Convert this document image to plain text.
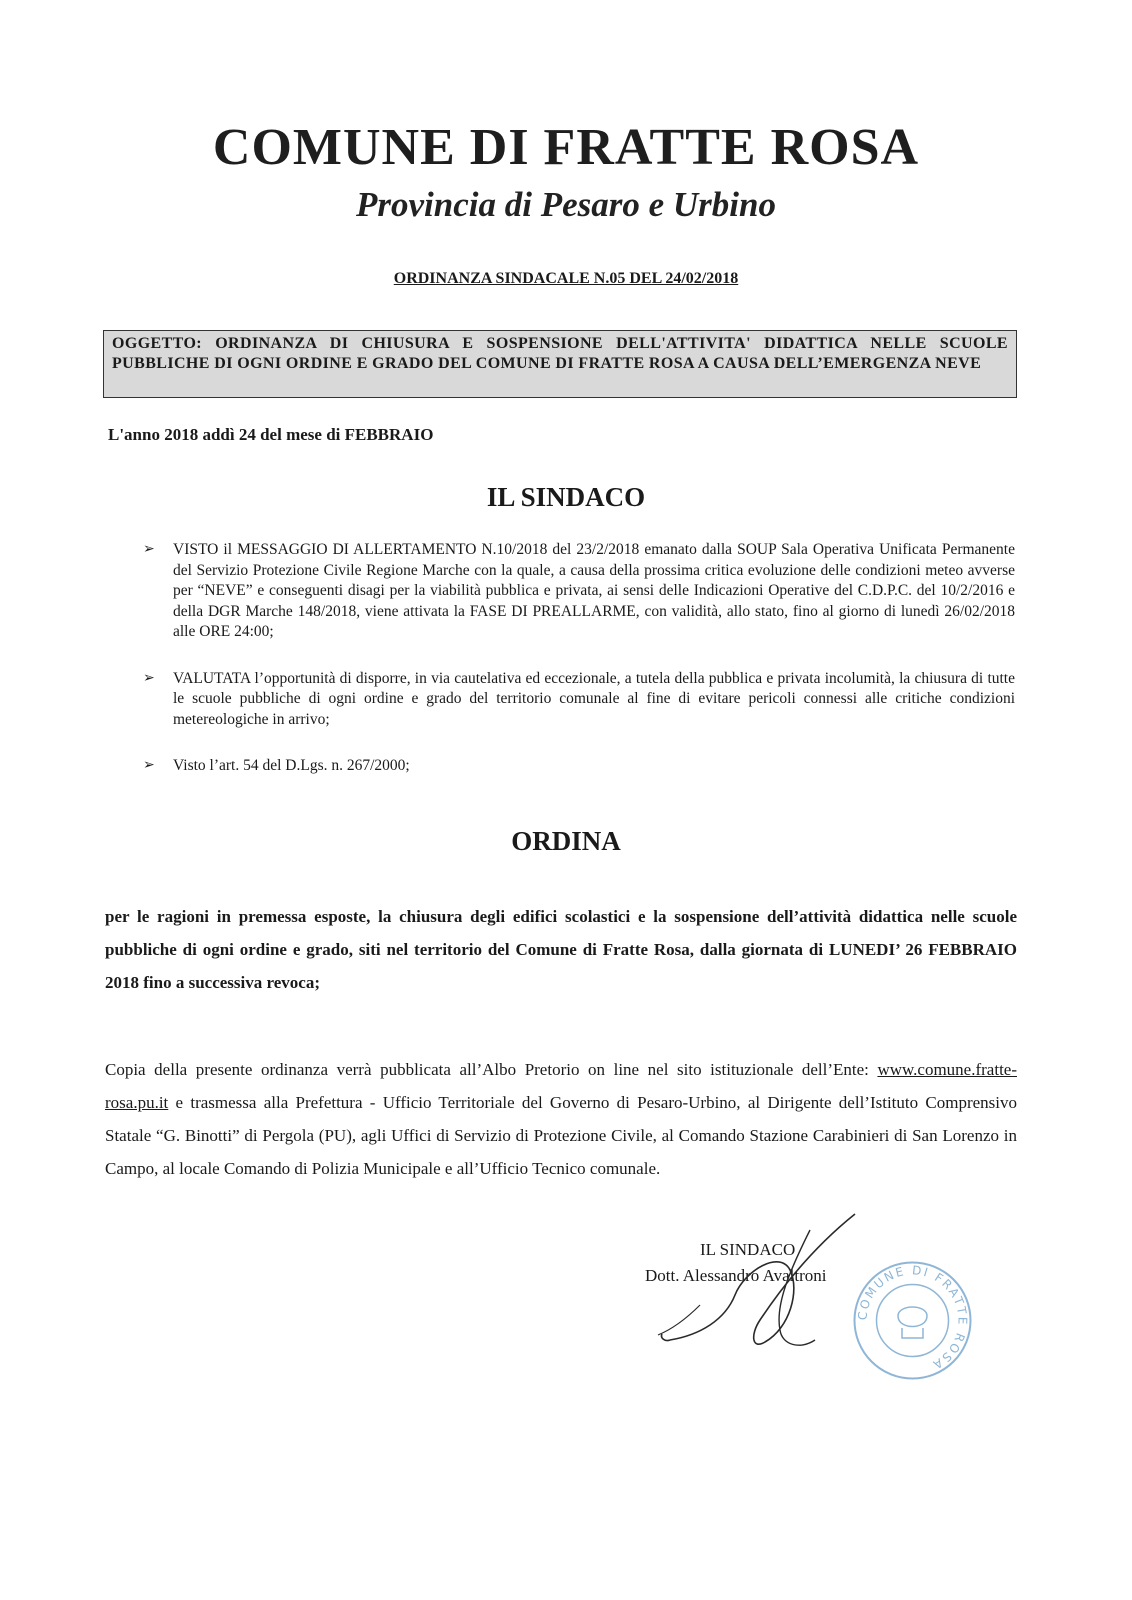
COMUNE DI FRATTE ROSA
Provincia di Pesaro e Urbino
ORDINANZA SINDACALE N.05 DEL 24/02/2018
OGGETTO: ORDINANZA DI CHIUSURA E SOSPENSIONE DELL'ATTIVITA' DIDATTICA NELLE SCUOLE PUBBLICHE DI OGNI ORDINE E GRADO DEL COMUNE DI FRATTE ROSA A CAUSA DELL’EMERGENZA NEVE
L'anno 2018 addì 24 del mese di FEBBRAIO
IL SINDACO
➢ VISTO il MESSAGGIO DI ALLERTAMENTO N.10/2018 del 23/2/2018 emanato dalla SOUP Sala Operativa Unificata Permanente del Servizio Protezione Civile Regione Marche con la quale, a causa della prossima critica evoluzione delle condizioni meteo avverse per “NEVE” e conseguenti disagi per la viabilità pubblica e privata, ai sensi delle Indicazioni Operative del C.D.P.C. del 10/2/2016 e della DGR Marche 148/2018, viene attivata la FASE DI PREALLARME, con validità, allo stato, fino al giorno di lunedì 26/02/2018 alle ORE 24:00;
➢ VALUTATA l’opportunità di disporre, in via cautelativa ed eccezionale, a tutela della pubblica e privata incolumità, la chiusura di tutte le scuole pubbliche di ogni ordine e grado del territorio comunale al fine di evitare pericoli connessi alle critiche condizioni metereologiche in arrivo;
➢ Visto l’art. 54 del D.Lgs. n. 267/2000;
ORDINA
per le ragioni in premessa esposte, la chiusura degli edifici scolastici e la sospensione dell’attività didattica nelle scuole pubbliche di ogni ordine e grado, siti nel territorio del Comune di Fratte Rosa, dalla giornata di LUNEDI’ 26 FEBBRAIO 2018 fino a successiva revoca;
Copia della presente ordinanza verrà pubblicata all’Albo Pretorio on line nel sito istituzionale dell’Ente: www.comune.fratte-rosa.pu.it e trasmessa alla Prefettura - Ufficio Territoriale del Governo di Pesaro-Urbino, al Dirigente dell’Istituto Comprensivo Statale “G. Binotti” di Pergola (PU), agli Uffici di Servizio di Protezione Civile, al Comando Stazione Carabinieri di San Lorenzo in Campo, al locale Comando di Polizia Municipale e all’Ufficio Tecnico comunale.
IL SINDACO
Dott. Alessandro Avaltroni
COMUNE DI FRATTE ROSA
